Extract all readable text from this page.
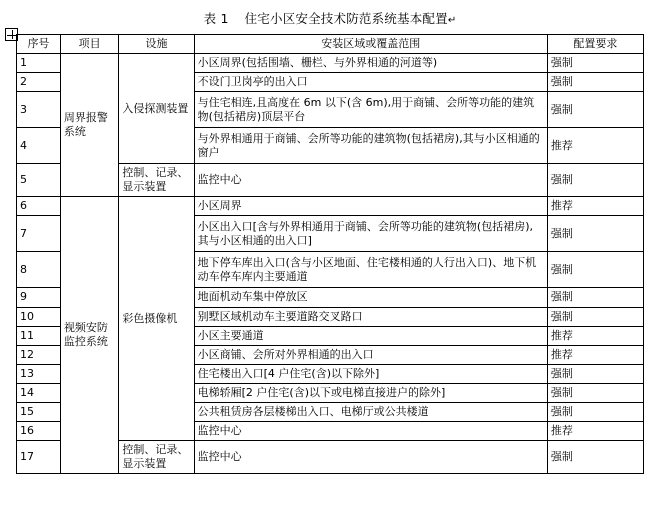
表 1 住宅小区安全技术防范系统基本配置↵
序号	项目	设施	安装区域或覆盖范围	配置要求
1	周界报警系统	入侵探测装置	小区周界(包括围墙、栅栏、与外界相通的河道等)	强制
2			不设门卫岗亭的出入口	强制
3			与住宅相连,且高度在 6m 以下(含 6m),用于商铺、会所等功能的建筑物(包括裙房)顶层平台	强制
4			与外界相通用于商铺、会所等功能的建筑物(包括裙房),其与小区相通的窗户	推荐
5		控制、记录、显示装置	监控中心	强制
6	视频安防监控系统	彩色摄像机	小区周界	推荐
7			小区出入口[含与外界相通用于商铺、会所等功能的建筑物(包括裙房),其与小区相通的出入口]	强制
8			地下停车库出入口(含与小区地面、住宅楼相通的人行出入口)、地下机动车停车库内主要通道	强制
9			地面机动车集中停放区	强制
10			别墅区域机动车主要道路交叉路口	强制
11			小区主要通道	推荐
12			小区商铺、会所对外界相通的出入口	推荐
13			住宅楼出入口[4 户住宅(含)以下除外]	强制
14			电梯轿厢[2 户住宅(含)以下或电梯直接进户的除外]	强制
15			公共租赁房各层楼梯出入口、电梯厅或公共楼道	强制
16			监控中心	推荐
17		控制、记录、显示装置	监控中心	强制
